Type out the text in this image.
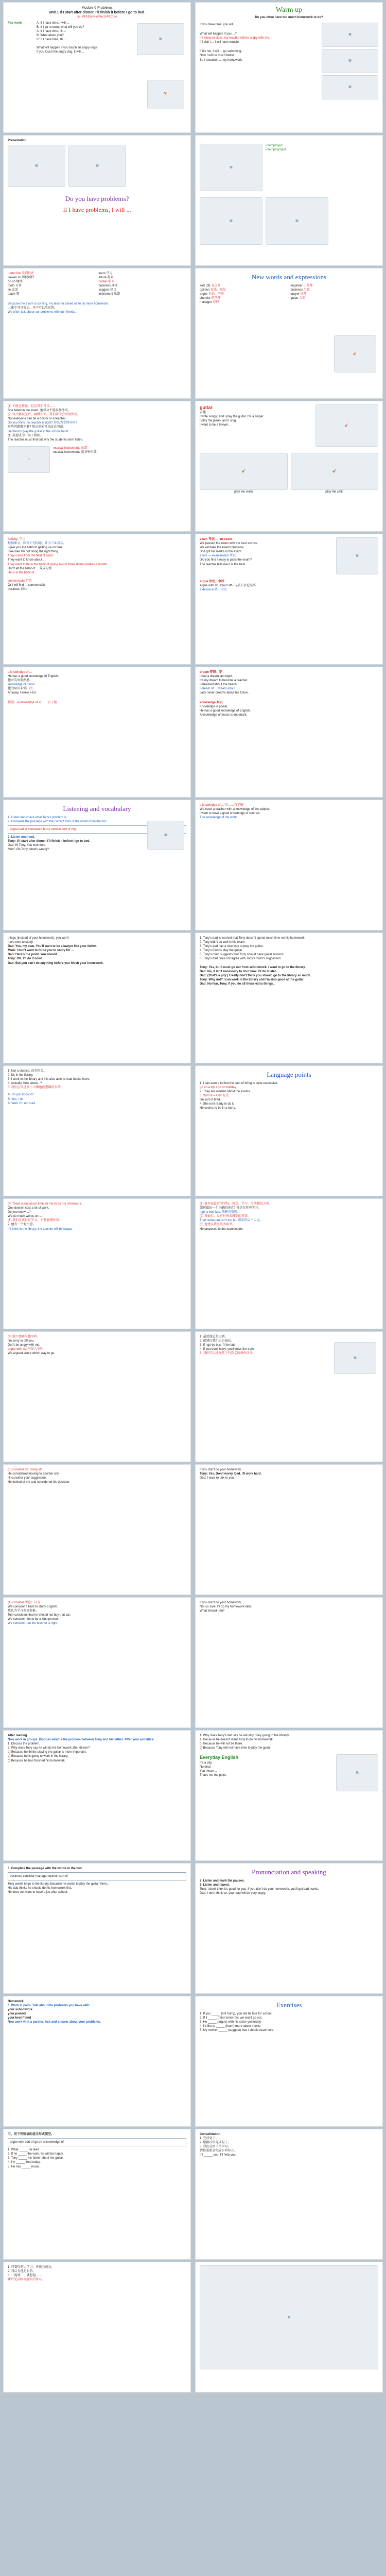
Module 6 Problems
Unit 1 If I start after dinner, I'll finish it before I go to bed.
第一PPT模板网-WWW.1PPT.COM
Pair work	A: If I have time, I will ...
B: If I go to town, what will you do?
A: If I have time, I'll ...
B: What about you?
C: If I have time, I'll ...
What will happen if you touch an angry dog?
If you touch the angry dog, it will ...
▦
🐕
Warm up
Do you often have too much homework to do?
If you have time, you will ...
What will happen if you ...?
If I sleep in class, my teacher will be angry with me.
If I don't ... I will have trouble.
If it's hot, I will ... go swimming.
Now I will be much better.
So I shouldn't ... my homework.
▦
▦
▦
Presentation
▦	▦
Do you have problems?
If I have problems, I will ...
▦
unemployed
unemployment
▦	▦
under fire 受到批评
if/even so 即使那样
go on 继续
tooth 牙齿
lie 说谎
teach 教
learn 学习
future 将来
career 职业
business 商业
suggest 建议
instrument 乐器
Because the exam is coming, my teacher asked us to do more homework.
上课不可以说话，也不可以吃东西。
We often talk about our problems with our friends.
New words and expressions
sort (of) 有点儿
opinion 看法，意见
argue 争论，争吵
chemist 药剂师
manager 经理
engineer 工程师
business 生意
lawyer 律师
guitar 吉他
🎸
(1) 不能这样做，但是我们可以……
She failed in the exam. 他以及不能参加考试。
(2) 每次都说完后，再做作业。我们要学会时间管理。
Not everyone can be a doctor or a teacher.
Do you think the teacher is right? 你认为老师对吗?
这些问题难不难? 我这周末可以改正问题。
He tried to play the guitar in the school band.
(1) 我想成为一名工程师。
The teacher must find out why the students don't listen.
♫
musical instruments 乐器
musical instruments 指各种乐器
guitar
吉他
I write songs, and I play the guitar. I'm a singer.
I play the piano, and I sing.
I want to be a lawyer.	🎸
🎻
play the violin
🎻
play the cello
Activity: 学习
根据课文，回答下列问题，补全下面对话。
I give you the habit of getting up on time.
I feel like I'm not doing the right thing.
They come from the field of sport.
They want to know about ...
They want to be in the habit of giving two or three dinner parties a month.
Don't let the habit of ... 养成习惯
He is in the habit of ...
commercials 广告
Or I will find ... commercials
business 商业
exam 考试 — an exam
We passed the exam with the best scores.
We will take the exam tomorrow.
She got full marks in the exam.
exam — examination 考试
Did you find it easy to pass the exam?
The teacher tells me it is the best.
▦
argue 争论，争吵
argue with sb. about sth. 与某人争论某事
a decision 做出决定
a knowledge of ...
He has a good knowledge of English.
他对英语很熟悉。
knowledge of music
他的知识非常广泛。
Anyway, I knew a lot.
拓展：a knowledge of 对……有了解
dream 梦想；梦
I had a dream last night.
It's my dream to become a teacher.
I dreamed about the beach.
I dream of ... dream about ...
Jack never dreams about his future.
knowledge 知识
Knowledge is power.
He has a good knowledge of English.
A knowledge of music is important.
Listening and vocabulary
1. Listen and check what Tony's problem is.
2. Complete the passage with the correct form of the words from the box.
argue bad at homework hurry opinion sort of ring
3. Listen and read.
Tony: If I start after dinner, I'll finish it before I go to bed.
Dad: Hi Tony. You look tired.
Mum: Oh Tony, what's wrong?
▦
a knowledge of ... 对……有了解
We need a teacher with a knowledge of the subject.
I want to have a good knowledge of science.
The knowledge of the world
things (instead of your homework), you won't
have time to study.
Dad: Yes, my dear. You'll want to be a lawyer like your father.
Mum: I don't want to force you to study for ...
Dad: Here's the point. You should ...
Tony: OK, I'll do it now!
Dad: But you can't do anything before you finish your homework.
1. Tony's dad is worried that Tony doesn't spend much time on his homework.
2. Tony didn't do well in his exam.
3. Tony's dad has a nice way to play the guitar.
4. Tony's friends play the guitar.
5. Tony's mum suggests that Tony should have guitar lessons.
6. Tony's dad does not agree with Tony's mum's suggestion.
Tony: Yes, but I must go out from schoolwork. I want to go to the library.
Dad: No, it isn't necessary to do it now. I'll do it later.
Dad: (That's a pity.) I really don't think you should go to the library so much.
Tony: Why not? I can work in the library and I'm also good at the guitar.
Dad: No fear, Tony. If you do all those extra things...
1. Not a chance. 没有机会。
2. It's in the library.
3. I work in the library and it is also able to read books there.
4. Actually, how about...?
5. 我们应该让孩子去做他们想做的事情。
A: Do you know it?
B: Yes, I do.
A: Well, I'm not sure.
Language points
1. I can earn a lot but the cost of living is quite expensive.
go on a trip / go on holiday
2. They are worried about the exams.
3. Sort of = a bit 有点
I'm sort of tired.
4. She isn't ready to do it.
He seems to be in a hurry.
(4) There is not much time for me to do my homework.
One doesn't cost a lot of work.
Do you know ...?
We do much worse on ...
(1) 我们应该好好学习，不要浪费时间。
2. 他有一个好主意。
If I think in the library, the teacher will be happy.
(1) 离你家最近的学校，接送、学习、生活都很方便。
如何做出一个正确的决定? 我是在用功学习。
I go to bed late. 我睡得很晚。
(2) 我很忙，没有时间去做别的事情。
That restaurant isn't too far. 那家饭店不太远。
(3) 他建议我应该多读书。
He proposes to the team leader.
(4) 她不想再与他争吵。
I'm sorry to tell you.
Don't be angry with me.
argue with sb. 与某人争吵
We argued about which way to go.
1. 最近他总是迟到。
2. 他建议我们去公园玩。
3. If I go by bus, I'll be late.
4. If you don't hurry, you'll miss the train.
5. 我们可以选择几个有意义的课外活动。
▦
(5) consider sb. doing sth.
He considered moving to another city.
I'll consider your suggestion.
He looked at me and considered his decision.
If you don't do your homework...
Tony: Yes. Don't worry, Dad. I'll work hard.
Dad: I want to talk to you.
(1) consider 考虑；认为
We consider it hard to study English.
我认为学习英语很难。
Tom considers that he should not buy that car.
We consider him to be a kind person.
We consider that the teacher is right.
If you don't do your homework...
Not so sure. I'll do my homework later.
What should I do?
After reading
Now work in groups. Discuss what is the problem between Tony and his father. After your activities:
1. Discuss the problem.
2. Why does Tony say he will do his homework after dinner?
a) Because he thinks playing the guitar is more important.
b) Because he is going to work in the library.
c) Because he has finished his homework.
1. Why does Tony's dad say he will stop Tony going to the library?
a) Because he doesn't want Tony to do his homework.
b) Because he will not be there.
c) Because Tony will not have time to play the guitar.
Everyday English
It's a pity.
No deal.
You mean ...
That's not the point.
▦
5. Complete the passage with the words in the box.
business consider manager opinion sort of
Tony wants to go to the library, because he wants to play the guitar there...
His dad thinks he should do his homework first.
He does not want to have a job after school.
Pronunciation and speaking
7. Listen and mark the pauses.
8. Listen and repeat.
Tony, I don't think it's good for you. If you don't do your homework, you'll get bad marks.
Dad: I don't think so, your dad will be very angry.
Homework
6. Work in pairs. Talk about the problems you have with:
your schoolwork
your parents
your best friend
Now work with a partner. Ask and answer about your problems.
Exercises
1. If you _____ (not hurry), you will be late for school.
2. If it _____ (rain) tomorrow, we won't go out.
3. He _____ (argue) with his sister yesterday.
4. I'd like to _____ (learn) more about music.
5. My mother _____ (suggest) that I should read more.
三、用下列短语的适当形式填空。
argue with sort of go on a knowledge of
1. What _____ he like?
2. If he _____ the work, he will be happy.
3. Tony _____ his father about the guitar.
4. I'm _____ tired today.
5. He has _____ music.
Consolidation
1. 完成句子。
2. 根据汉语完成句子。
3. 我们在图书馆学习。
请按照要求完成下列句子。
If I _____ you, I'll help you.
1. 只要你努力学习，你就会成功。
2. 我认为他是对的。
3. 一提到……就想起……
课后完成练习册相关练习。
▦
